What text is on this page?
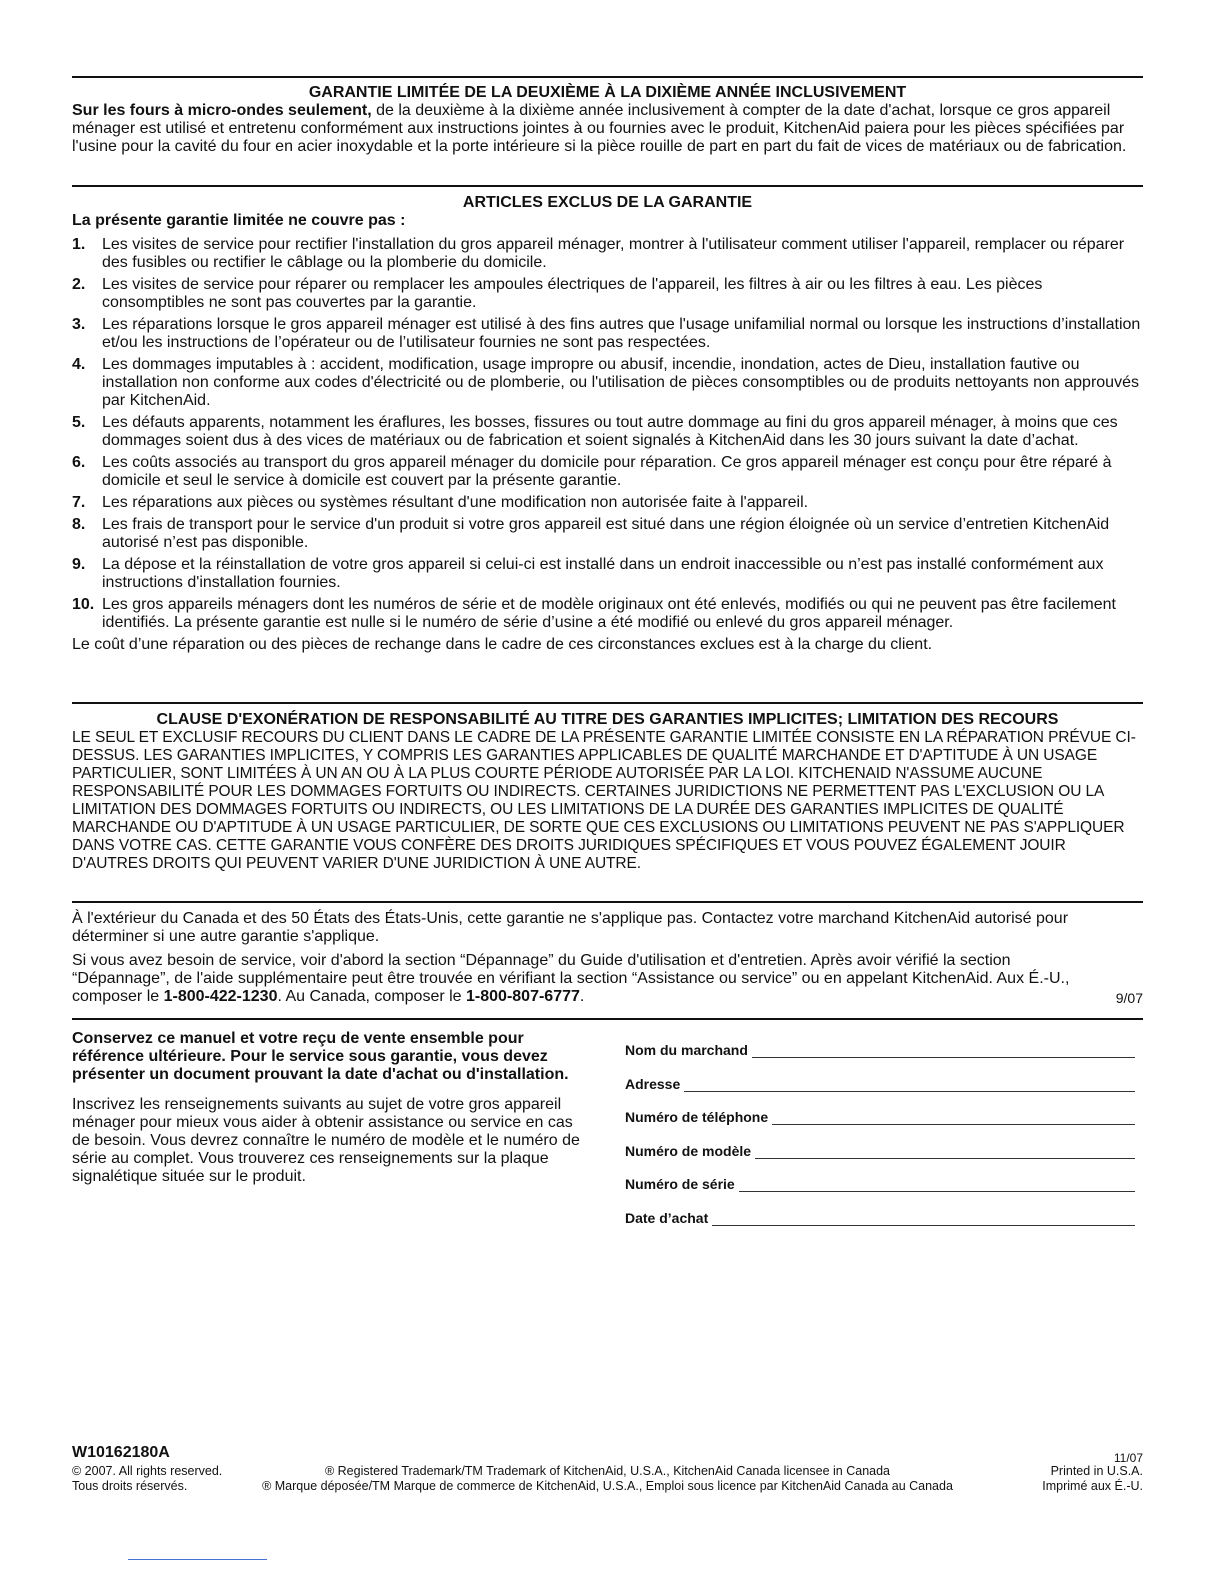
GARANTIE LIMITÉE DE LA DEUXIÈME À LA DIXIÈME ANNÉE INCLUSIVEMENT

Sur les fours à micro-ondes seulement, de la deuxième à la dixième année inclusivement à compter de la date d'achat, lorsque ce gros appareil ménager est utilisé et entretenu conformément aux instructions jointes à ou fournies avec le produit, KitchenAid paiera pour les pièces spécifiées par l'usine pour la cavité du four en acier inoxydable et la porte intérieure si la pièce rouille de part en part du fait de vices de matériaux ou de fabrication.

ARTICLES EXCLUS DE LA GARANTIE

La présente garantie limitée ne couvre pas :

1. Les visites de service pour rectifier l'installation du gros appareil ménager, montrer à l'utilisateur comment utiliser l'appareil, remplacer ou réparer des fusibles ou rectifier le câblage ou la plomberie du domicile.
2. Les visites de service pour réparer ou remplacer les ampoules électriques de l'appareil, les filtres à air ou les filtres à eau. Les pièces consomptibles ne sont pas couvertes par la garantie.
3. Les réparations lorsque le gros appareil ménager est utilisé à des fins autres que l'usage unifamilial normal ou lorsque les instructions d’installation et/ou les instructions de l’opérateur ou de l’utilisateur fournies ne sont pas respectées.
4. Les dommages imputables à : accident, modification, usage impropre ou abusif, incendie, inondation, actes de Dieu, installation fautive ou installation non conforme aux codes d'électricité ou de plomberie, ou l'utilisation de pièces consomptibles ou de produits nettoyants non approuvés par KitchenAid.
5. Les défauts apparents, notamment les éraflures, les bosses, fissures ou tout autre dommage au fini du gros appareil ménager, à moins que ces dommages soient dus à des vices de matériaux ou de fabrication et soient signalés à KitchenAid dans les 30 jours suivant la date d’achat.
6. Les coûts associés au transport du gros appareil ménager du domicile pour réparation. Ce gros appareil ménager est conçu pour être réparé à domicile et seul le service à domicile est couvert par la présente garantie.
7. Les réparations aux pièces ou systèmes résultant d'une modification non autorisée faite à l'appareil.
8. Les frais de transport pour le service d'un produit si votre gros appareil est situé dans une région éloignée où un service d’entretien KitchenAid autorisé n’est pas disponible.
9. La dépose et la réinstallation de votre gros appareil si celui-ci est installé dans un endroit inaccessible ou n’est pas installé conformément aux instructions d'installation fournies.
10. Les gros appareils ménagers dont les numéros de série et de modèle originaux ont été enlevés, modifiés ou qui ne peuvent pas être facilement identifiés. La présente garantie est nulle si le numéro de série d’usine a été modifié ou enlevé du gros appareil ménager.

Le coût d’une réparation ou des pièces de rechange dans le cadre de ces circonstances exclues est à la charge du client.

CLAUSE D'EXONÉRATION DE RESPONSABILITÉ AU TITRE DES GARANTIES IMPLICITES; LIMITATION DES RECOURS

LE SEUL ET EXCLUSIF RECOURS DU CLIENT DANS LE CADRE DE LA PRÉSENTE GARANTIE LIMITÉE CONSISTE EN LA RÉPARATION PRÉVUE CI-DESSUS. LES GARANTIES IMPLICITES, Y COMPRIS LES GARANTIES APPLICABLES DE QUALITÉ MARCHANDE ET D'APTITUDE À UN USAGE PARTICULIER, SONT LIMITÉES À UN AN OU À LA PLUS COURTE PÉRIODE AUTORISÉE PAR LA LOI. KITCHENAID N'ASSUME AUCUNE RESPONSABILITÉ POUR LES DOMMAGES FORTUITS OU INDIRECTS. CERTAINES JURIDICTIONS NE PERMETTENT PAS L'EXCLUSION OU LA LIMITATION DES DOMMAGES FORTUITS OU INDIRECTS, OU LES LIMITATIONS DE LA DURÉE DES GARANTIES IMPLICITES DE QUALITÉ MARCHANDE OU D'APTITUDE À UN USAGE PARTICULIER, DE SORTE QUE CES EXCLUSIONS OU LIMITATIONS PEUVENT NE PAS S'APPLIQUER DANS VOTRE CAS. CETTE GARANTIE VOUS CONFÈRE DES DROITS JURIDIQUES SPÉCIFIQUES ET VOUS POUVEZ ÉGALEMENT JOUIR D'AUTRES DROITS QUI PEUVENT VARIER D'UNE JURIDICTION À UNE AUTRE.

À l'extérieur du Canada et des 50 États des États-Unis, cette garantie ne s'applique pas. Contactez votre marchand KitchenAid autorisé pour déterminer si une autre garantie s'applique.

Si vous avez besoin de service, voir d'abord la section “Dépannage” du Guide d'utilisation et d'entretien. Après avoir vérifié la section “Dépannage”, de l'aide supplémentaire peut être trouvée en vérifiant la section “Assistance ou service” ou en appelant KitchenAid. Aux É.-U., composer le 1-800-422-1230. Au Canada, composer le 1-800-807-6777.	9/07

Conservez ce manuel et votre reçu de vente ensemble pour référence ultérieure. Pour le service sous garantie, vous devez présenter un document prouvant la date d'achat ou d'installation.

Inscrivez les renseignements suivants au sujet de votre gros appareil ménager pour mieux vous aider à obtenir assistance ou service en cas de besoin. Vous devrez connaître le numéro de modèle et le numéro de série au complet. Vous trouverez ces renseignements sur la plaque signalétique située sur le produit.

Nom du marchand
Adresse
Numéro de téléphone
Numéro de modèle
Numéro de série
Date d’achat
W10162180A	11/07
© 2007. All rights reserved.
Tous droits réservés.
® Registered Trademark/TM Trademark of KitchenAid, U.S.A., KitchenAid Canada licensee in Canada
® Marque déposée/TM Marque de commerce de KitchenAid, U.S.A., Emploi sous licence par KitchenAid Canada au Canada
Printed in U.S.A.
Imprimé aux É.-U.
